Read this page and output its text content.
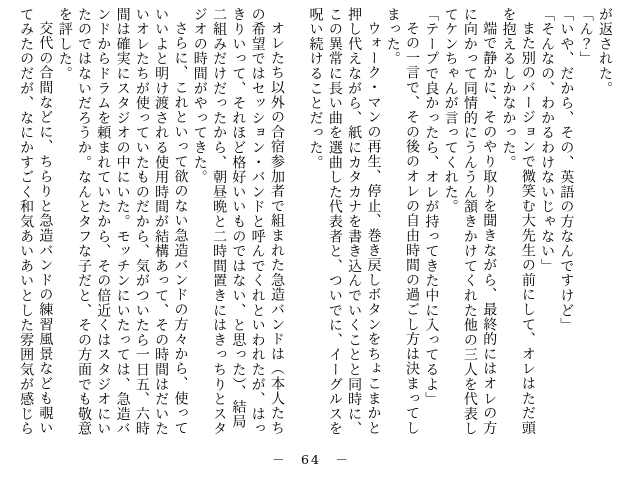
が返された。

「ん？」

「いや、だから、その、英語の方なんですけど」

「そんなの、わかるわけないじゃない」

また別のバージョンで微笑む大先生の前にして、オレはただ頭を抱えるしかなかった。

端で静かに、そのやり取りを聞きながら、最終的にはオレの方に向かって同情的にうんうん頷きかけてくれた他の三人を代表してケンちゃんが言ってくれた。

「テープで良かったら、オレが持ってきた中に入ってるよ」

その一言で、その後のオレの自由時間の過ごし方は決まってしまった。

ウォーク・マンの再生、停止、巻き戻しボタンをちょこまかと押し代えながら、紙にカタカナを書き込んでいくことと同時に、この異常に長い曲を選曲した代表者と、ついでに、イーグルスを呪い続けることだった。

オレたち以外の合宿参加者で組まれた急造バンドは（本人たちの希望ではセッション・バンドと呼んでくれといわれたが、はっきりいって、それほど格好いいものではない、と思った）、結局二組みだけだったから、朝昼晩と二時間置きにはきっちりとスタジオの時間がやってきた。

さらに、これといって欲のない急造バンドの方々から、使っていいよと明け渡される使用時間が結構あって、その時間はだいたいオレたちが使っていたものだから、気がついたら一日五、六時間は確実にスタジオの中にいた。モッチンにいたっては、急造バンドからドラムを頼まれていたから、その倍近くはスタジオにいたのではないだろうか。なんとタフな子だと、その方面でも敬意を評した。

交代の合間などに、ちらりと急造バンドの練習風景なども覗いてみたのだが、なにかすごく和気あいあいとした雰囲気が感じら

－　64　－
